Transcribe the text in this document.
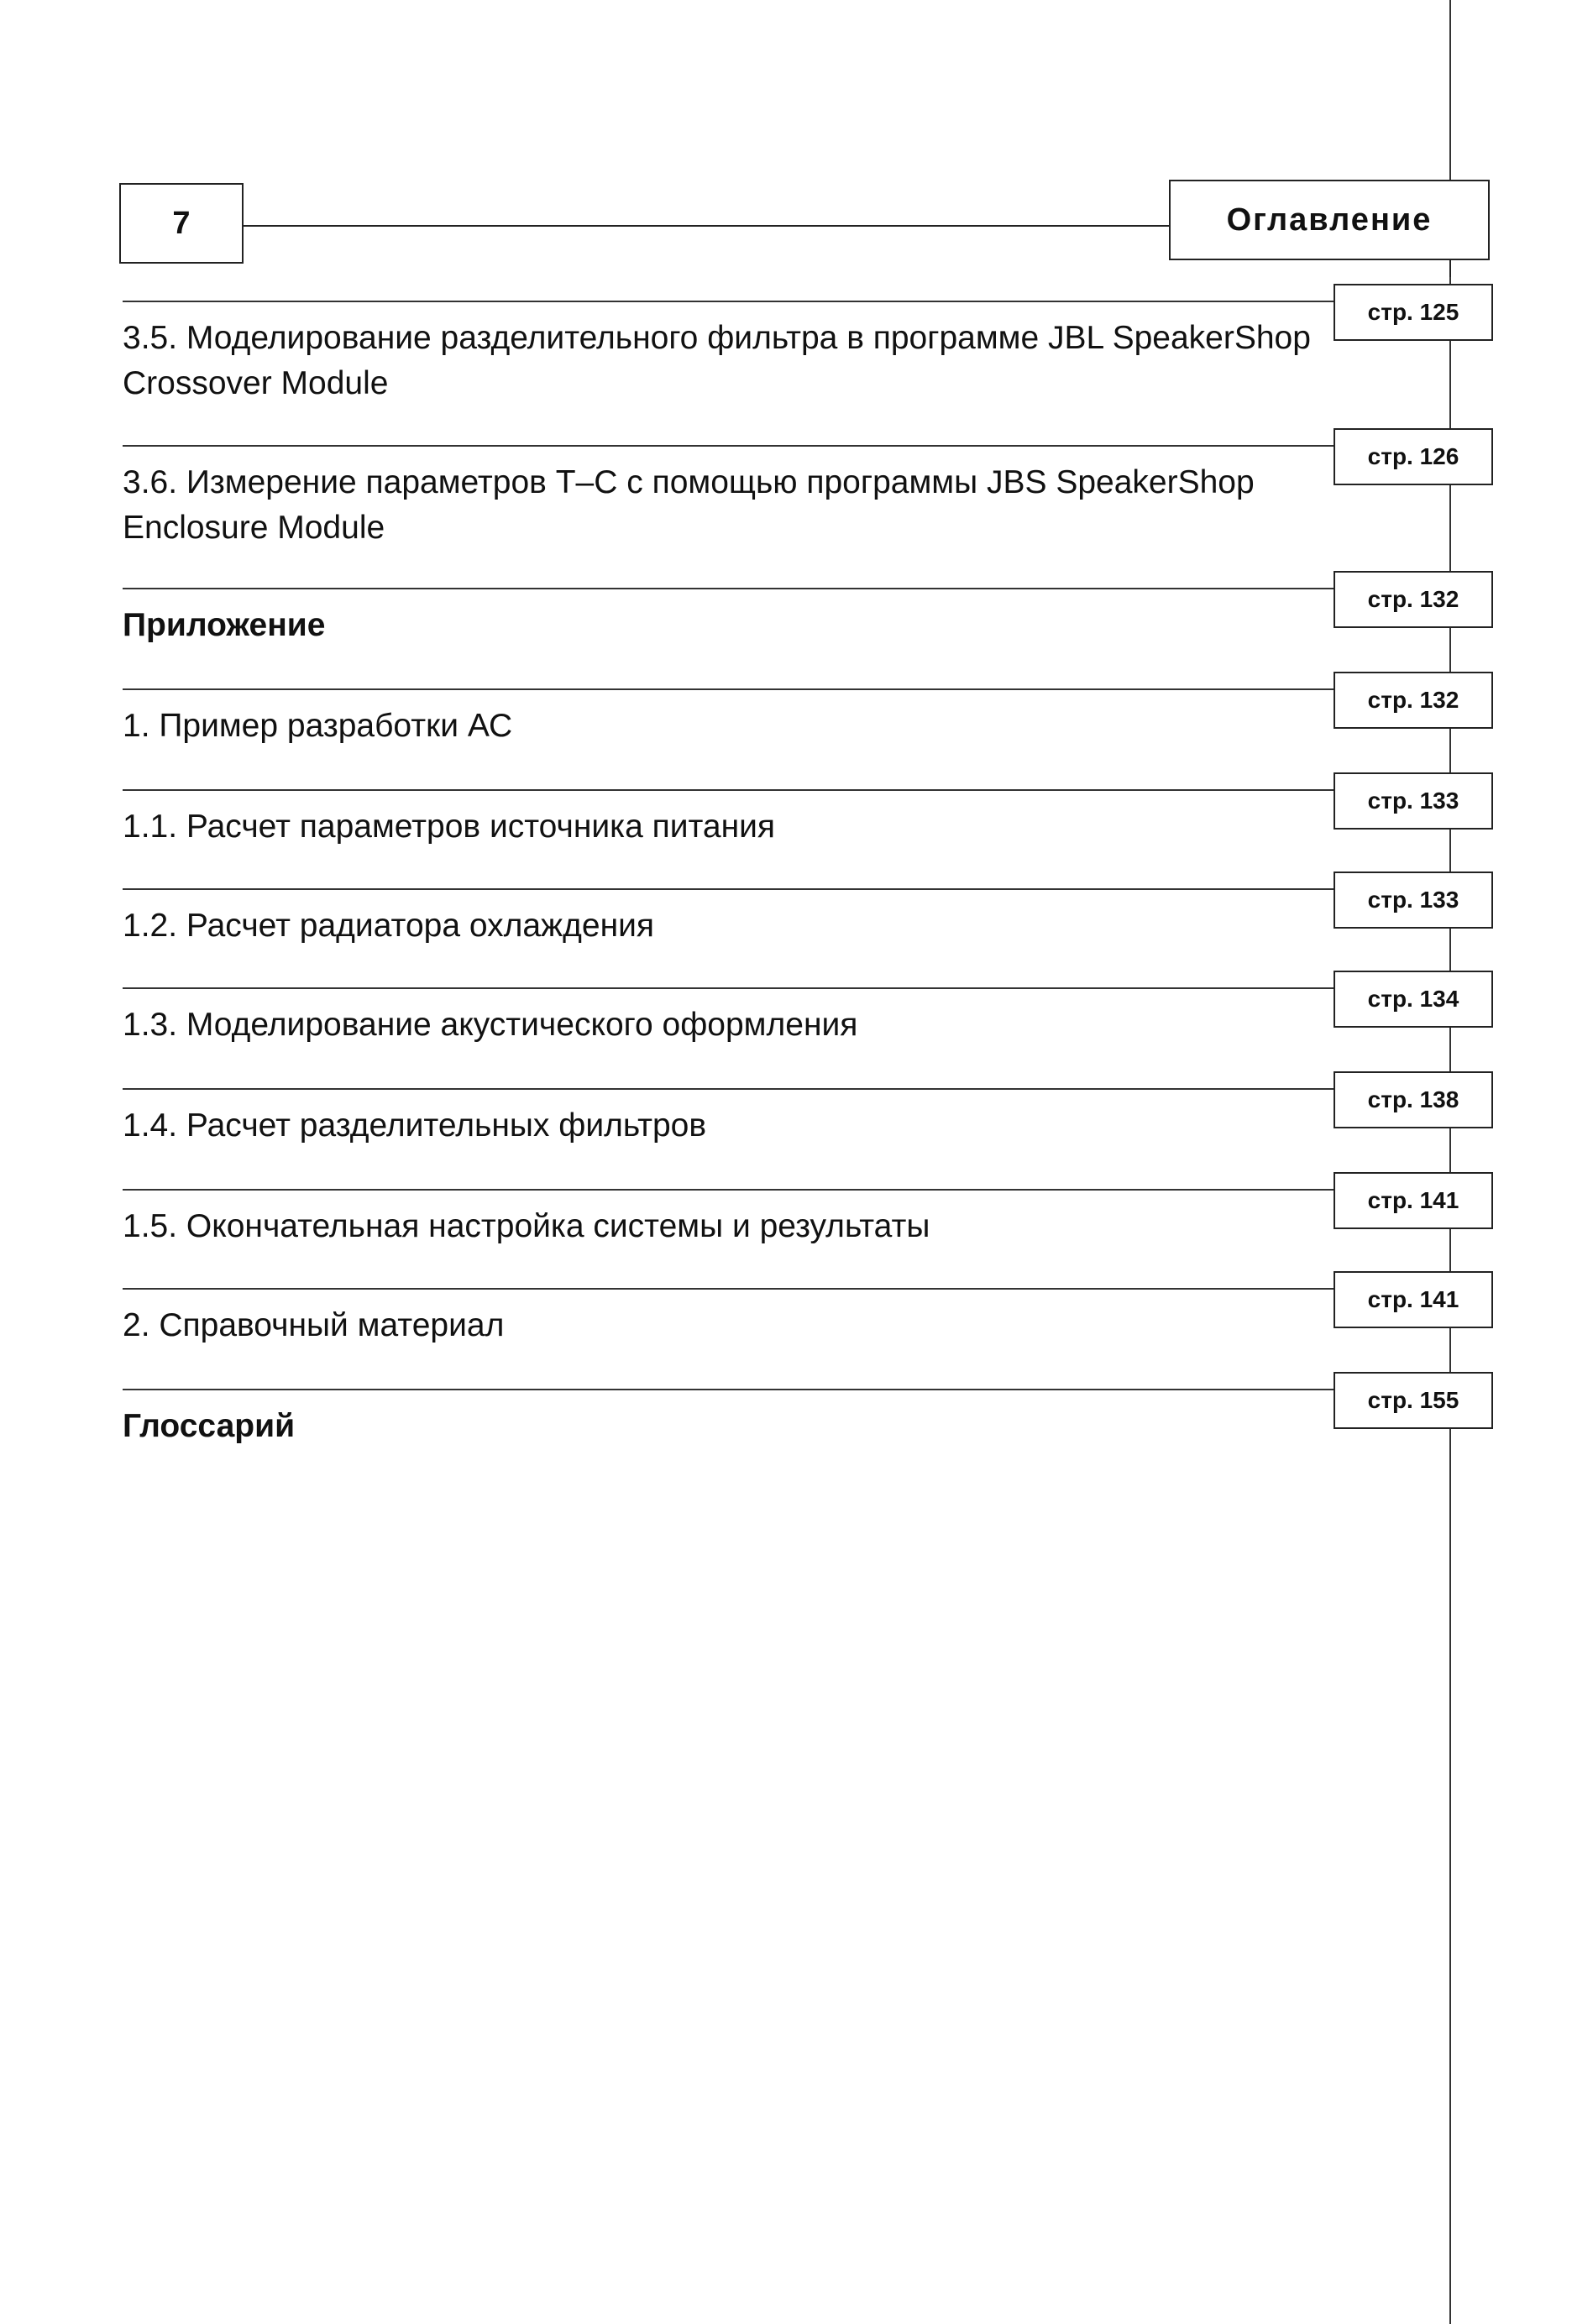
7	Оглавление
3.5. Моделирование разделительного фильтра в программе JBL SpeakerShop Crossover Module
стр. 125
3.6. Измерение параметров Т–С с помощью программы JBS SpeakerShop Enclosure Module
стр. 126
Приложение
стр. 132
1. Пример разработки АС
стр. 132
1.1. Расчет параметров источника питания
стр. 133
1.2. Расчет радиатора охлаждения
стр. 133
1.3. Моделирование акустического оформления
стр. 134
1.4. Расчет разделительных фильтров
стр. 138
1.5. Окончательная настройка системы и результаты
стр. 141
2. Справочный материал
стр. 141
Глоссарий
стр. 155
